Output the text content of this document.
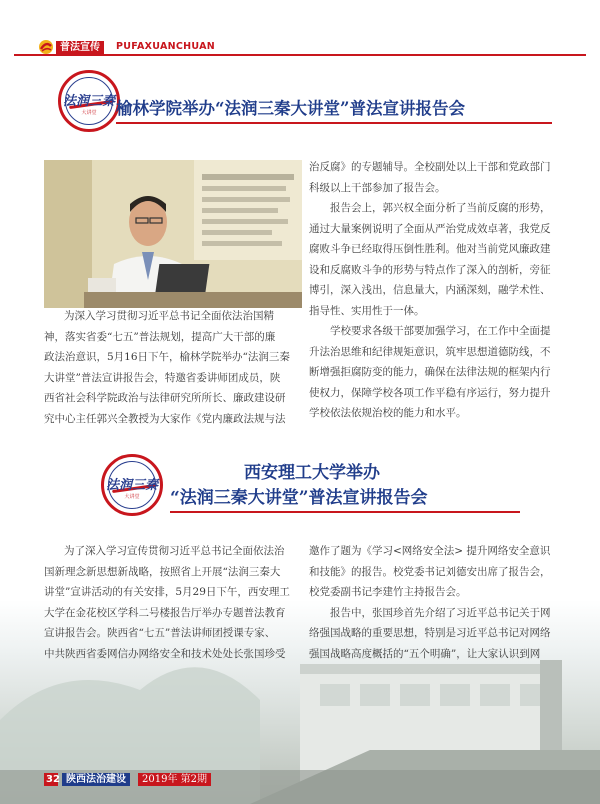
普法宣传	PUFAXUANCHUAN
法润三秦
大讲堂	榆林学院举办“法润三秦大讲堂”普法宣讲报告会
为深入学习贯彻习近平总书记全面依法治国精
神，落实省委“七五”普法规划，提高广大干部的廉
政法治意识，5月16日下午，榆林学院举办“法润三秦
大讲堂”普法宣讲报告会，特邀省委讲师团成员，陕
西省社会科学院政治与法律研究所所长、廉政建设研
究中心主任郭兴全教授为大家作《党内廉政法规与法
治反腐》的专题辅导。全校副处以上干部和党政部门
科级以上干部参加了报告会。
报告会上，郭兴权全面分析了当前反腐的形势，
通过大量案例说明了全面从严治党成效卓著，我党反
腐败斗争已经取得压倒性胜利。他对当前党风廉政建
设和反腐败斗争的形势与特点作了深入的剖析，旁征
博引，深入浅出，信息量大，内涵深刻，融学术性、
指导性、实用性于一体。
学校要求各级干部要加强学习，在工作中全面提
升法治思维和纪律规矩意识，筑牢思想道德防线，不
断增强拒腐防变的能力，确保在法律法规的框架内行
使权力，保障学校各项工作平稳有序运行，努力提升
学校依法依规治校的能力和水平。
法润三秦
大讲堂
西安理工大学举办
“法润三秦大讲堂”普法宣讲报告会
为了深入学习宣传贯彻习近平总书记全面依法治
国新理念新思想新战略，按照省上开展“法润三秦大
讲堂”宣讲活动的有关安排，5月29日下午，西安理工
大学在金花校区学科二号楼报告厅举办专题普法教育
宣讲报告会。陕西省“七五”普法讲师团授课专家、
中共陕西省委网信办网络安全和技术处处长张国珍受
邀作了题为《学习<网络安全法> 提升网络安全意识
和技能》的报告。校党委书记刘德安出席了报告会，
校党委副书记李建竹主持报告会。
报告中，张国珍首先介绍了习近平总书记关于网
络强国战略的重要思想，特别是习近平总书记对网络
强国战略高度概括的“五个明确”，让大家认识到网
32 陕西法治建设	2019年 第2期
